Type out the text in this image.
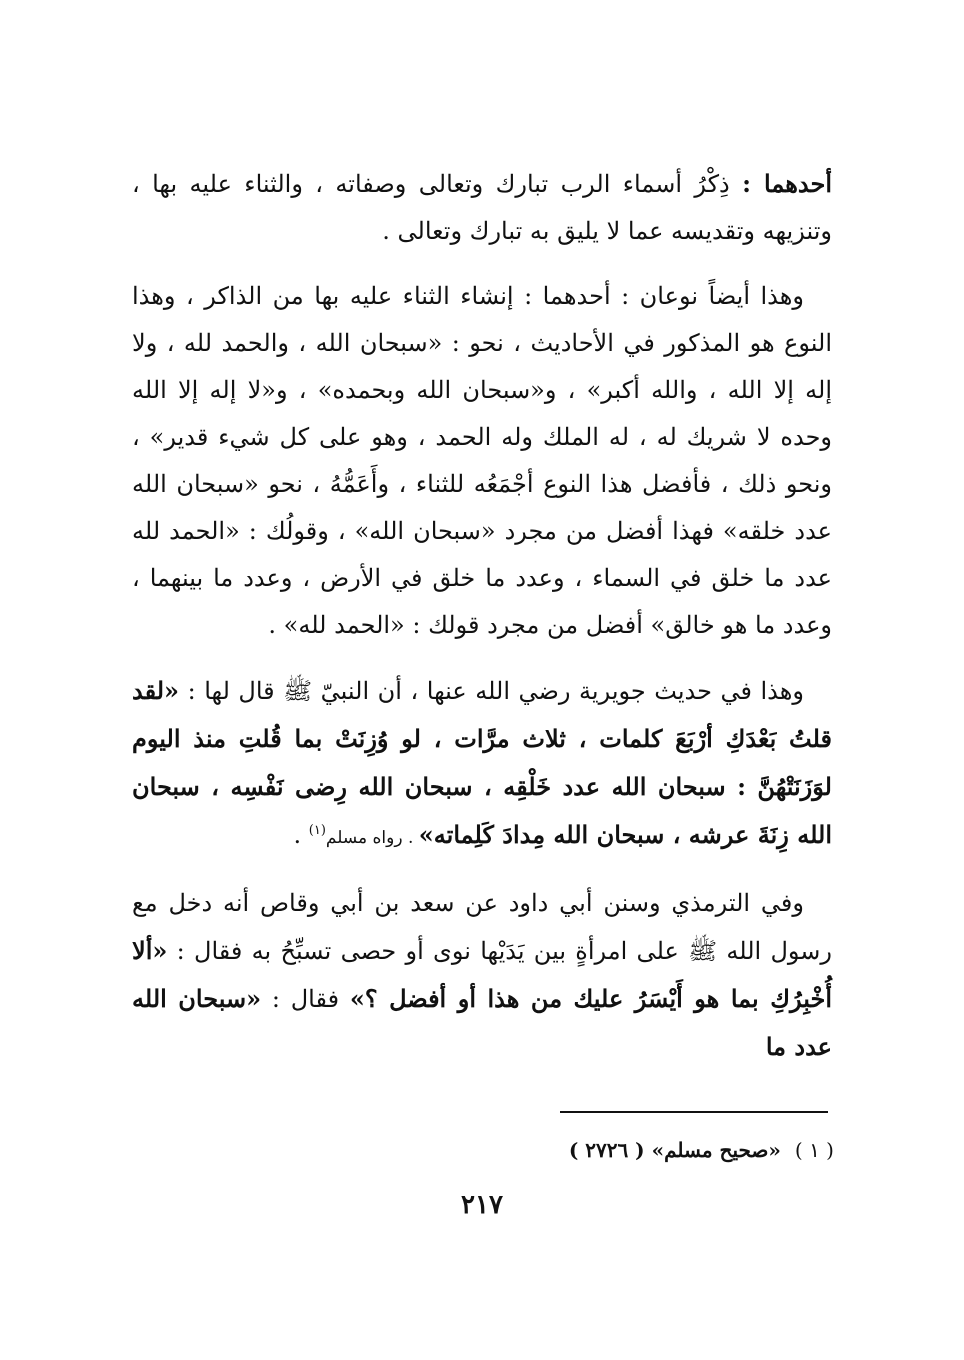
أحدهما : ذِكْرُ أسماء الرب تبارك وتعالى وصفاته ، والثناء عليه بها ، وتنزيهه وتقديسه عما لا يليق به تبارك وتعالى .

وهذا أيضاً نوعان : أحدهما : إنشاء الثناء عليه بها من الذاكر ، وهذا النوع هو المذكور في الأحاديث ، نحو : «سبحان الله ، والحمد لله ، ولا إله إلا الله ، والله أكبر» ، و«سبحان الله وبحمده» ، و«لا إله إلا الله وحده لا شريك له ، له الملك وله الحمد ، وهو على كل شيء قدير» ، ونحو ذلك ، فأفضل هذا النوع أجْمَعُه للثناء ، وأَعَمُّهُ ، نحو «سبحان الله عدد خلقه» فهذا أفضل من مجرد «سبحان الله» ، وقولُك : «الحمد لله عدد ما خلق في السماء ، وعدد ما خلق في الأرض ، وعدد ما بينهما ، وعدد ما هو خالق» أفضل من مجرد قولك : «الحمد لله» .

وهذا في حديث جويرية رضي الله عنها ، أن النبيّ ﷺ قال لها : «لقد قلتُ بَعْدَكِ أرْبَعَ كلمات ، ثلاث مرَّات ، لو وُزِنَتْ بما قُلتِ منذ اليوم لوَزَنَتْهُنَّ : سبحان الله عدد خَلْقِه ، سبحان الله رِضى نَفْسِه ، سبحان الله زِنَةَ عرشه ، سبحان الله مِدادَ كَلِماته» . رواه مسلم$^{(١)}$ .

وفي الترمذي وسنن أبي داود عن سعد بن أبي وقاص أنه دخل مع رسول الله ﷺ على امرأةٍ بين يَدَيْها نوى أو حصى تسبِّحُ به فقال : «ألا أُخْبِرُكِ بما هو أَيْسَرُ عليك من هذا أو أفضل ؟» فقال : «سبحان الله عدد ما

( ١ )«صحيح مسلم» ( ٢٧٢٦ )
٢١٧
